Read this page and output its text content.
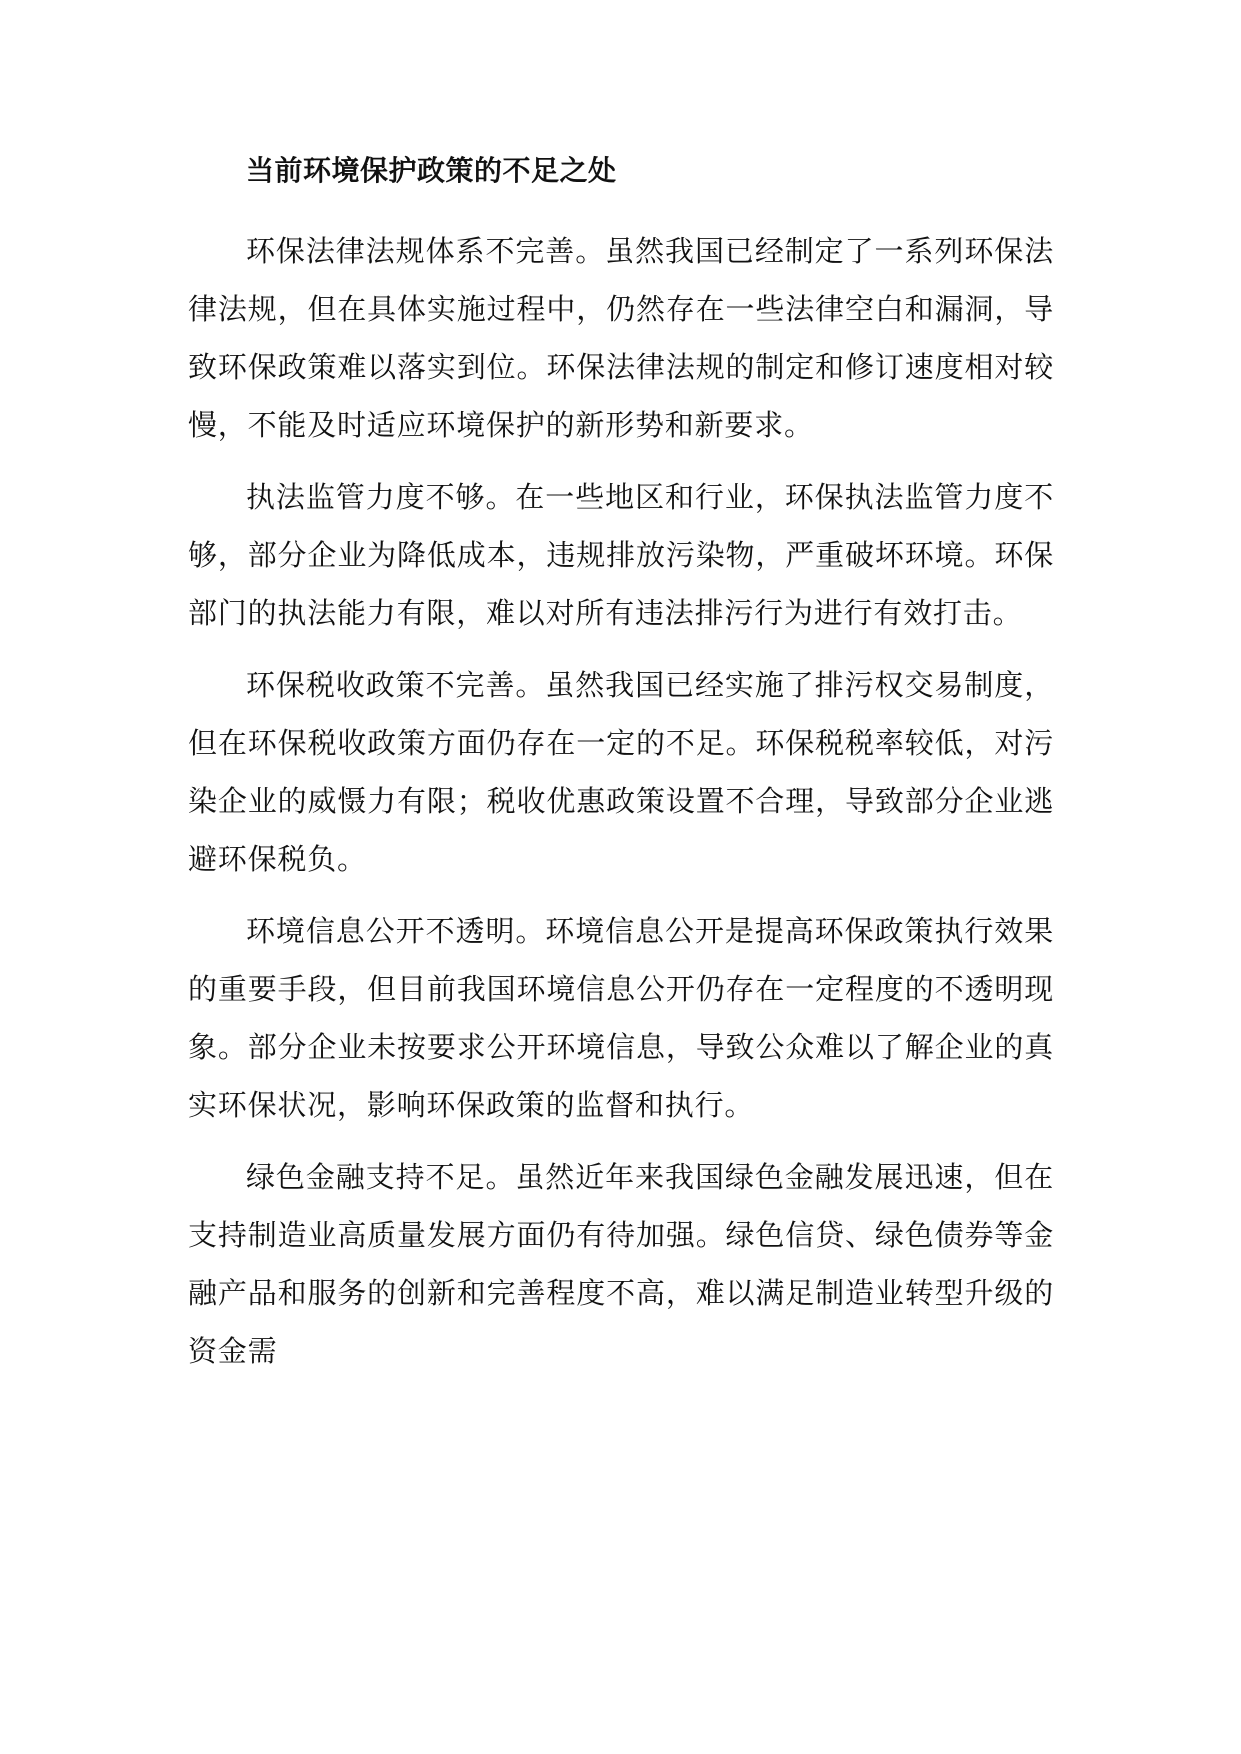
当前环境保护政策的不足之处

环保法律法规体系不完善。虽然我国已经制定了一系列环保法律法规，但在具体实施过程中，仍然存在一些法律空白和漏洞，导致环保政策难以落实到位。环保法律法规的制定和修订速度相对较慢，不能及时适应环境保护的新形势和新要求。

执法监管力度不够。在一些地区和行业，环保执法监管力度不够，部分企业为降低成本，违规排放污染物，严重破坏环境。环保部门的执法能力有限，难以对所有违法排污行为进行有效打击。

环保税收政策不完善。虽然我国已经实施了排污权交易制度，但在环保税收政策方面仍存在一定的不足。环保税税率较低，对污染企业的威慑力有限；税收优惠政策设置不合理，导致部分企业逃避环保税负。

环境信息公开不透明。环境信息公开是提高环保政策执行效果的重要手段，但目前我国环境信息公开仍存在一定程度的不透明现象。部分企业未按要求公开环境信息，导致公众难以了解企业的真实环保状况，影响环保政策的监督和执行。

绿色金融支持不足。虽然近年来我国绿色金融发展迅速，但在支持制造业高质量发展方面仍有待加强。绿色信贷、绿色债券等金融产品和服务的创新和完善程度不高，难以满足制造业转型升级的资金需
